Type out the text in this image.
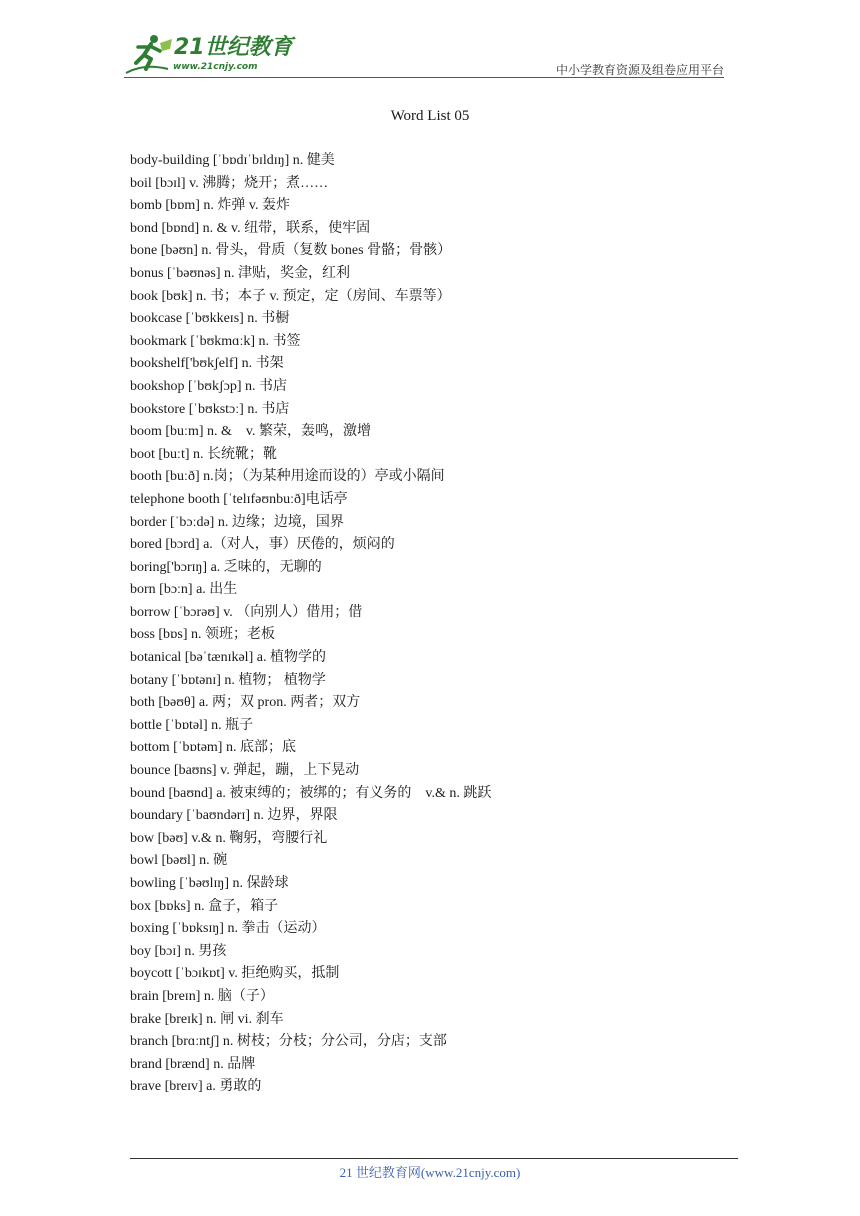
21世纪教育
www.21cnjy.com	中小学教育资源及组卷应用平台
Word List 05
body-building [ˈbɒdɪˈbɪldɪŋ] n. 健美
boil [bɔɪl] v. 沸腾；烧开；煮……
bomb [bɒm] n. 炸弹 v. 轰炸
bond [bɒnd] n. & v. 纽带，联系，使牢固
bone [bəʊn] n. 骨头，骨质（复数 bones 骨骼；骨骸）
bonus [ˈbəʊnəs] n. 津贴，奖金，红利
book [bʊk] n. 书；本子 v. 预定，定（房间、车票等）
bookcase [ˈbʊkkeɪs] n. 书橱
bookmark [ˈbʊkmɑːk] n. 书签
bookshelf['bʊkʃelf] n. 书架
bookshop [ˈbʊkʃɔp] n. 书店
bookstore [ˈbʊkstɔː] n. 书店
boom [buːm] n. &　v. 繁荣，轰鸣，激增
boot [buːt] n. 长统靴；靴
booth [buːð] n.岗；（为某种用途而设的）亭或小隔间
telephone booth [ˈtelɪfəʊnbuːð]电话亭
border [ˈbɔːdə] n. 边缘；边境，国界
bored [bɔrd] a.（对人，事）厌倦的，烦闷的
boring['bɔrɪŋ] a. 乏味的，无聊的
born [bɔːn] a. 出生
borrow [ˈbɔrəʊ] v. （向别人）借用；借
boss [bɒs] n. 领班；老板
botanical [bəˈtænɪkəl] a. 植物学的
botany [ˈbɒtənɪ] n. 植物； 植物学
both [bəʊθ] a. 两；双 pron. 两者；双方
bottle [ˈbɒtəl] n. 瓶子
bottom [ˈbɒtəm] n. 底部；底
bounce [baʊns] v. 弹起，蹦，上下晃动
bound [baʊnd] a. 被束缚的；被绑的；有义务的　v.& n. 跳跃
boundary [ˈbaʊndərɪ] n. 边界，界限
bow [bəʊ] v.& n. 鞠躬，弯腰行礼
bowl [bəʊl] n. 碗
bowling [ˈbəʊlɪŋ] n. 保龄球
box [bɒks] n. 盒子，箱子
boxing [ˈbɒksɪŋ] n. 拳击（运动）
boy [bɔɪ] n. 男孩
boycott [ˈbɔɪkɒt] v. 拒绝购买，抵制
brain [breɪn] n. 脑（子）
brake [breɪk] n. 闸 vi. 刹车
branch [brɑːntʃ] n. 树枝；分枝；分公司，分店；支部
brand [brænd] n. 品牌
brave [breɪv] a. 勇敢的
21 世纪教育网(www.21cnjy.com)
